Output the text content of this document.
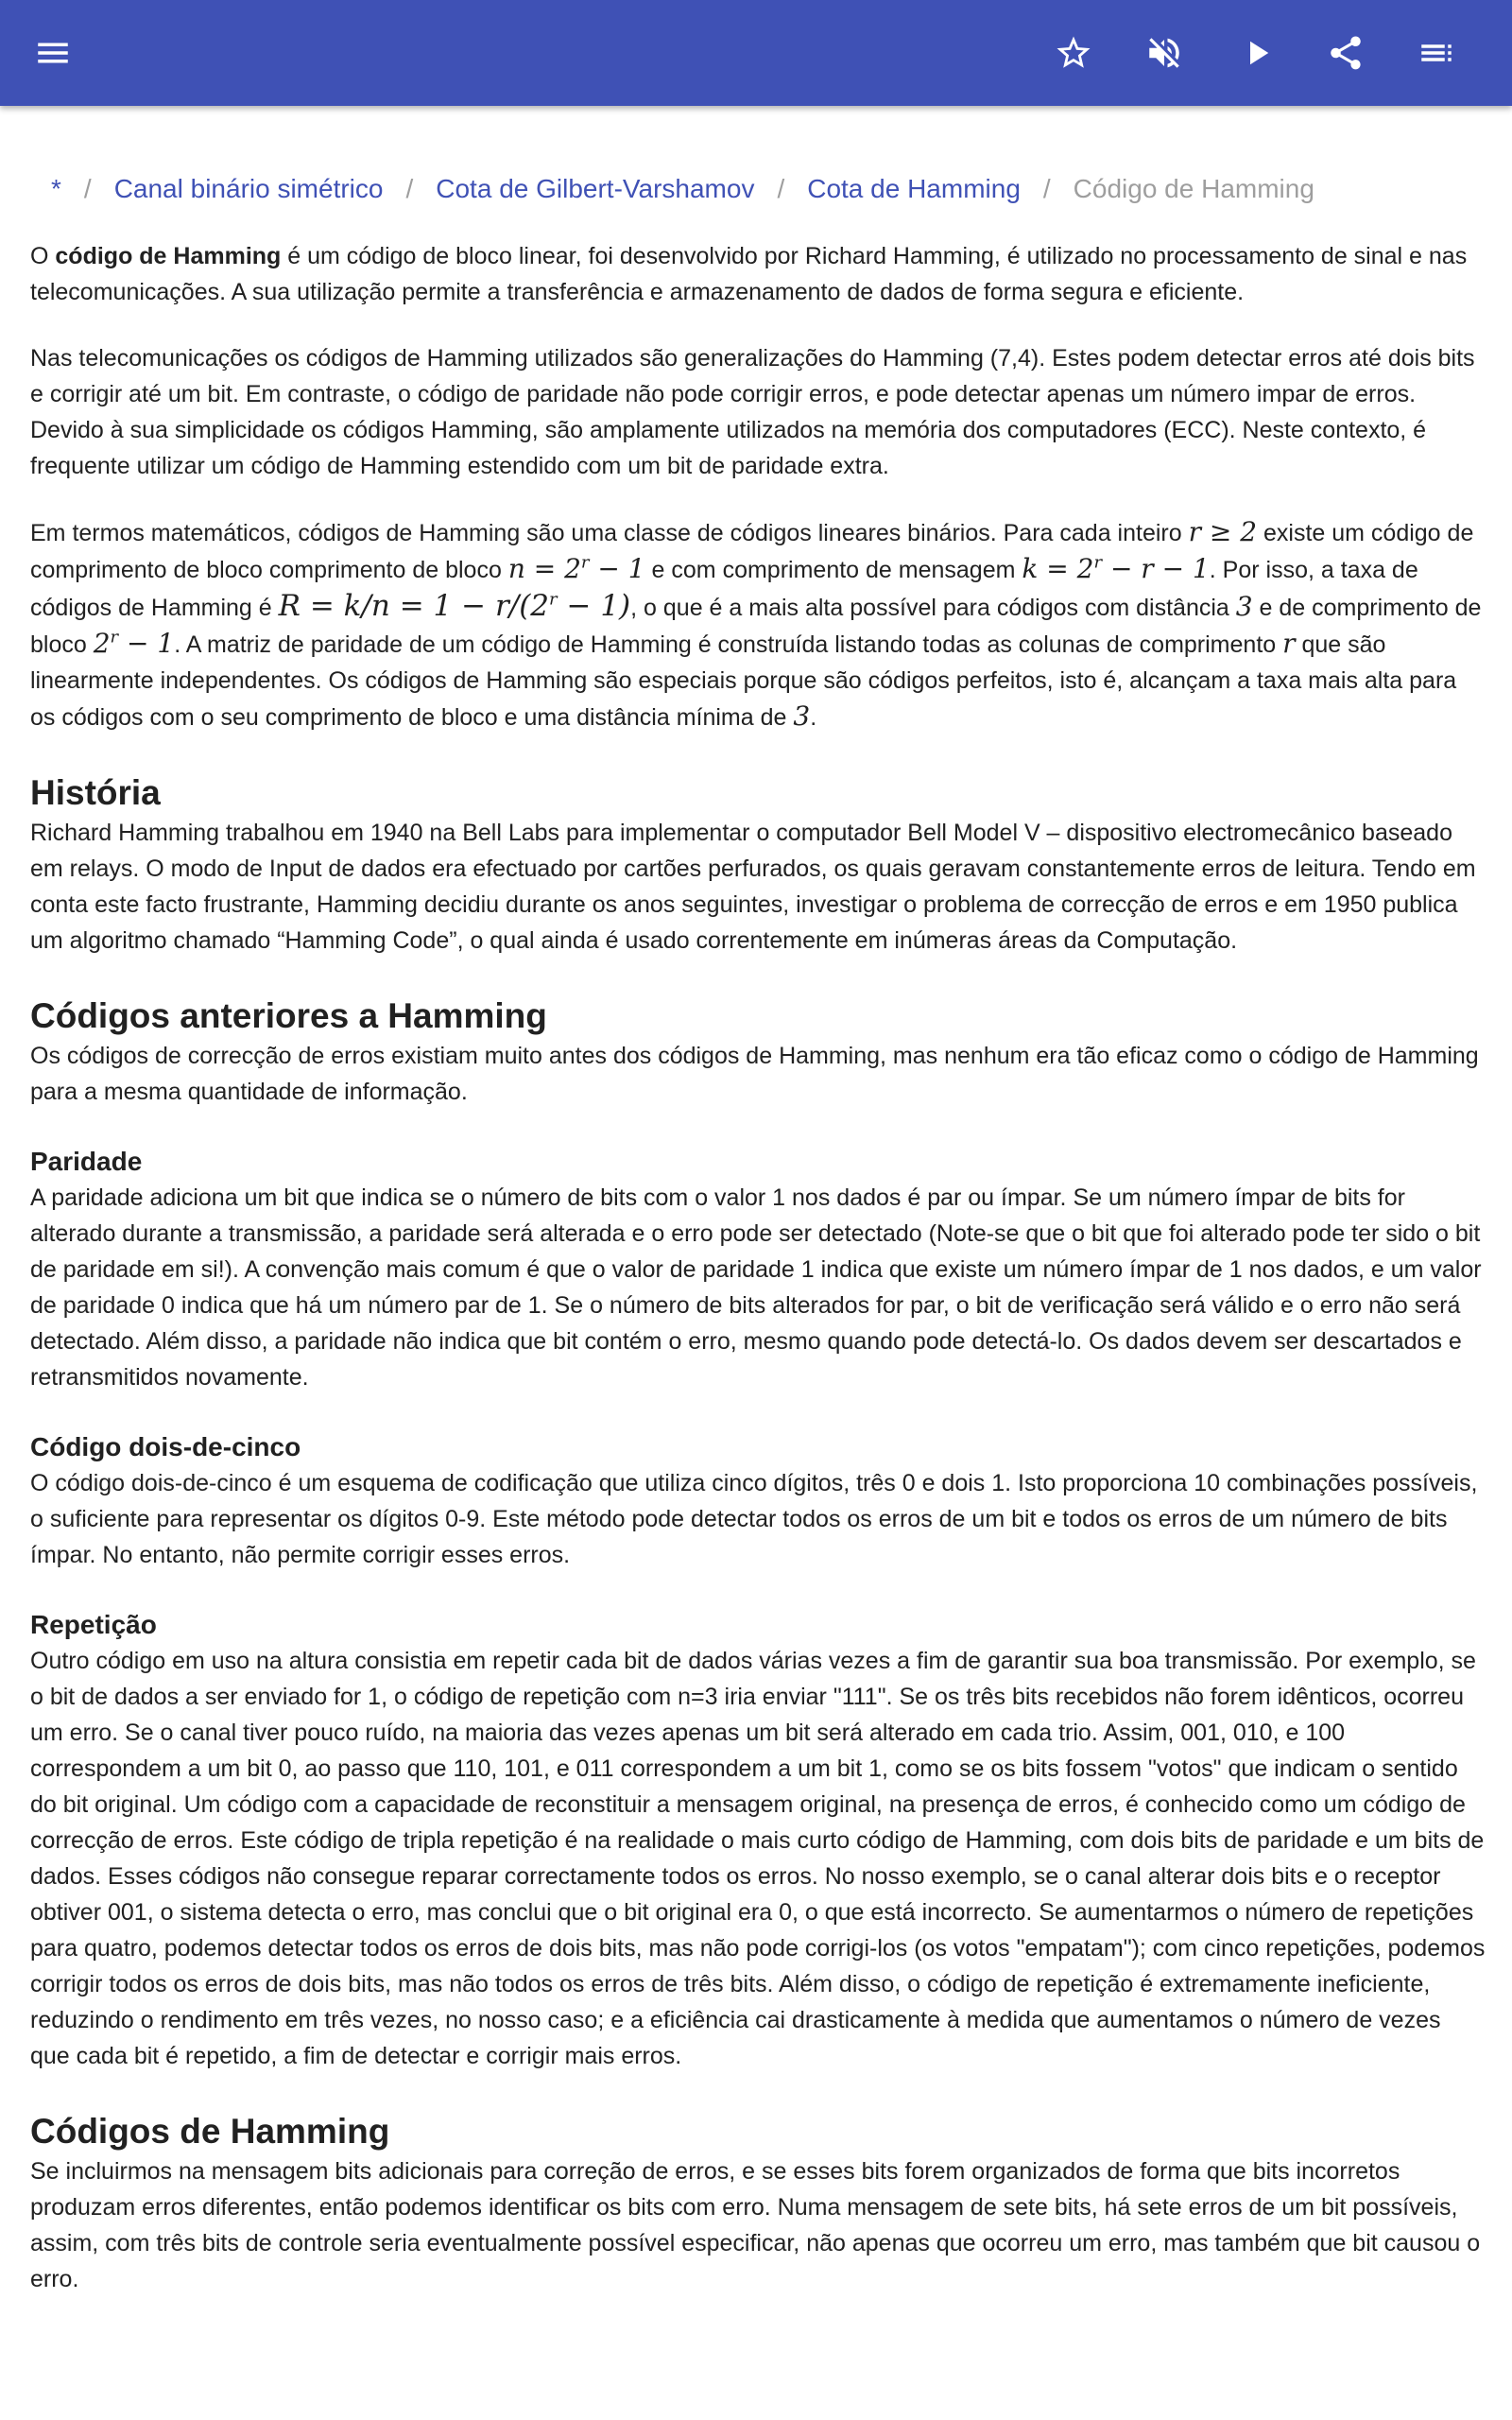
* / Canal binário simétrico / Cota de Gilbert-Varshamov / Cota de Hamming / Código de Hamming

O código de Hamming é um código de bloco linear, foi desenvolvido por Richard Hamming, é utilizado no processamento de sinal e nas telecomunicações. A sua utilização permite a transferência e armazenamento de dados de forma segura e eficiente.

Nas telecomunicações os códigos de Hamming utilizados são generalizações do Hamming (7,4). Estes podem detectar erros até dois bits e corrigir até um bit. Em contraste, o código de paridade não pode corrigir erros, e pode detectar apenas um número impar de erros. Devido à sua simplicidade os códigos Hamming, são amplamente utilizados na memória dos computadores (ECC). Neste contexto, é frequente utilizar um código de Hamming estendido com um bit de paridade extra.

Em termos matemáticos, códigos de Hamming são uma classe de códigos lineares binários. Para cada inteiro r ≥ 2 existe um código de comprimento de bloco comprimento de bloco $n = 2^r - 1$ e com comprimento de mensagem $k = 2^r - r - 1$. Por isso, a taxa de códigos de Hamming é $R = k/n = 1 - r/(2^r - 1)$, o que é a mais alta possível para códigos com distância 3 e de comprimento de bloco $2^r - 1$. A matriz de paridade de um código de Hamming é construída listando todas as colunas de comprimento r que são linearmente independentes. Os códigos de Hamming são especiais porque são códigos perfeitos, isto é, alcançam a taxa mais alta para os códigos com o seu comprimento de bloco e uma distância mínima de 3.

História

Richard Hamming trabalhou em 1940 na Bell Labs para implementar o computador Bell Model V – dispositivo electromecânico baseado em relays. O modo de Input de dados era efectuado por cartões perfurados, os quais geravam constantemente erros de leitura. Tendo em conta este facto frustrante, Hamming decidiu durante os anos seguintes, investigar o problema de correcção de erros e em 1950 publica um algoritmo chamado “Hamming Code”, o qual ainda é usado correntemente em inúmeras áreas da Computação.

Códigos anteriores a Hamming

Os códigos de correcção de erros existiam muito antes dos códigos de Hamming, mas nenhum era tão eficaz como o código de Hamming para a mesma quantidade de informação.

Paridade

A paridade adiciona um bit que indica se o número de bits com o valor 1 nos dados é par ou ímpar. Se um número ímpar de bits for alterado durante a transmissão, a paridade será alterada e o erro pode ser detectado (Note-se que o bit que foi alterado pode ter sido o bit de paridade em si!). A convenção mais comum é que o valor de paridade 1 indica que existe um número ímpar de 1 nos dados, e um valor de paridade 0 indica que há um número par de 1. Se o número de bits alterados for par, o bit de verificação será válido e o erro não será detectado. Além disso, a paridade não indica que bit contém o erro, mesmo quando pode detectá-lo. Os dados devem ser descartados e retransmitidos novamente.

Código dois-de-cinco

O código dois-de-cinco é um esquema de codificação que utiliza cinco dígitos, três 0 e dois 1. Isto proporciona 10 combinações possíveis, o suficiente para representar os dígitos 0-9. Este método pode detectar todos os erros de um bit e todos os erros de um número de bits ímpar. No entanto, não permite corrigir esses erros.

Repetição

Outro código em uso na altura consistia em repetir cada bit de dados várias vezes a fim de garantir sua boa transmissão. Por exemplo, se o bit de dados a ser enviado for 1, o código de repetição com n=3 iria enviar "111". Se os três bits recebidos não forem idênticos, ocorreu um erro. Se o canal tiver pouco ruído, na maioria das vezes apenas um bit será alterado em cada trio. Assim, 001, 010, e 100 correspondem a um bit 0, ao passo que 110, 101, e 011 correspondem a um bit 1, como se os bits fossem "votos" que indicam o sentido do bit original. Um código com a capacidade de reconstituir a mensagem original, na presença de erros, é conhecido como um código de correcção de erros. Este código de tripla repetição é na realidade o mais curto código de Hamming, com dois bits de paridade e um bits de dados. Esses códigos não consegue reparar correctamente todos os erros. No nosso exemplo, se o canal alterar dois bits e o receptor obtiver 001, o sistema detecta o erro, mas conclui que o bit original era 0, o que está incorrecto. Se aumentarmos o número de repetições para quatro, podemos detectar todos os erros de dois bits, mas não pode corrigi-los (os votos "empatam"); com cinco repetições, podemos corrigir todos os erros de dois bits, mas não todos os erros de três bits. Além disso, o código de repetição é extremamente ineficiente, reduzindo o rendimento em três vezes, no nosso caso; e a eficiência cai drasticamente à medida que aumentamos o número de vezes que cada bit é repetido, a fim de detectar e corrigir mais erros.

Códigos de Hamming

Se incluirmos na mensagem bits adicionais para correção de erros, e se esses bits forem organizados de forma que bits incorretos produzam erros diferentes, então podemos identificar os bits com erro. Numa mensagem de sete bits, há sete erros de um bit possíveis, assim, com três bits de controle seria eventualmente possível especificar, não apenas que ocorreu um erro, mas também que bit causou o erro.
